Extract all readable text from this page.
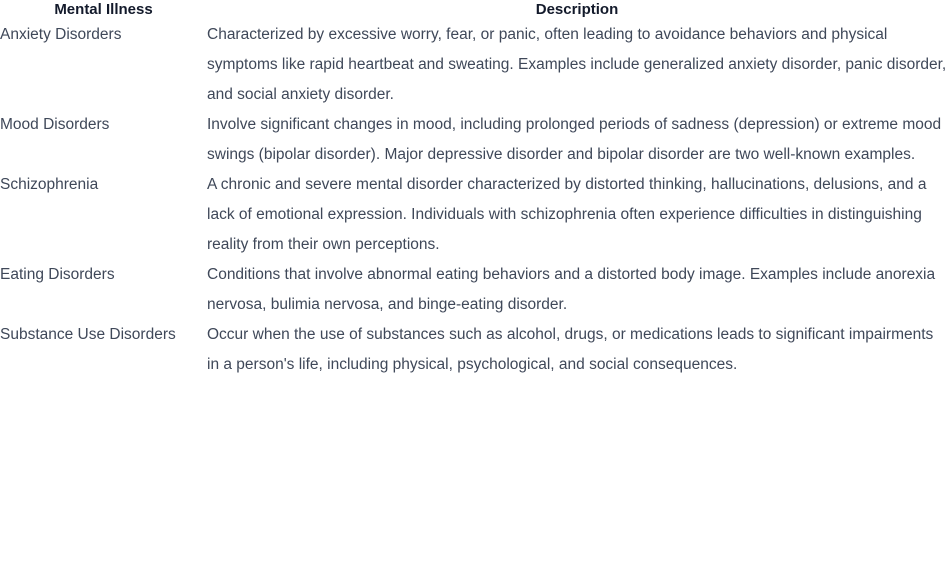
Mental Illness	Description
Anxiety Disorders	Characterized by excessive worry, fear, or panic, often leading to avoidance behaviors and physical symptoms like rapid heartbeat and sweating. Examples include generalized anxiety disorder, panic disorder, and social anxiety disorder.
Mood Disorders	Involve significant changes in mood, including prolonged periods of sadness (depression) or extreme mood swings (bipolar disorder). Major depressive disorder and bipolar disorder are two well-known examples.
Schizophrenia	A chronic and severe mental disorder characterized by distorted thinking, hallucinations, delusions, and a lack of emotional expression. Individuals with schizophrenia often experience difficulties in distinguishing reality from their own perceptions.
Eating Disorders	Conditions that involve abnormal eating behaviors and a distorted body image. Examples include anorexia nervosa, bulimia nervosa, and binge-eating disorder.
Substance Use Disorders	Occur when the use of substances such as alcohol, drugs, or medications leads to significant impairments in a person's life, including physical, psychological, and social consequences.
